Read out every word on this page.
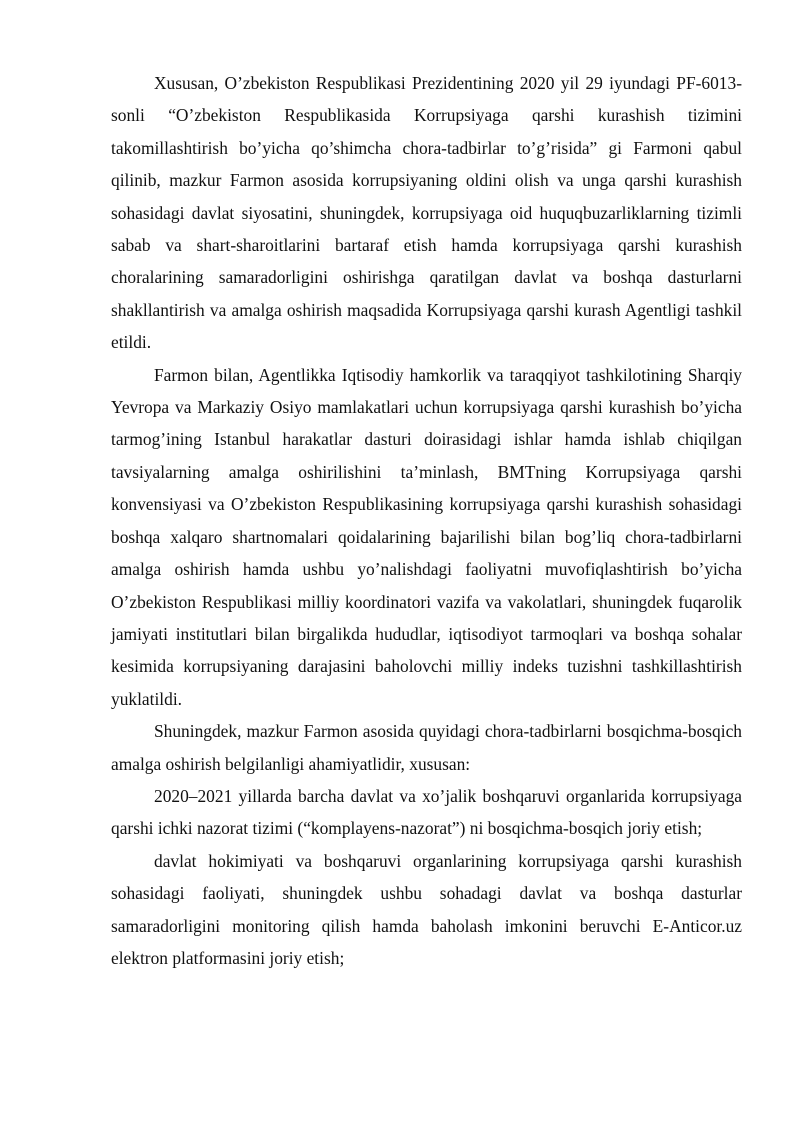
Xususan, O’zbekiston Respublikasi Prezidentining 2020 yil 29 iyundagi PF-6013-sonli “O’zbekiston Respublikasida Korrupsiyaga qarshi kurashish tizimini takomillashtirish bo’yicha qo’shimcha chora-tadbirlar to’g’risida” gi Farmoni qabul qilinib, mazkur Farmon asosida korrupsiyaning oldini olish va unga qarshi kurashish sohasidagi davlat siyosatini, shuningdek, korrupsiyaga oid huquqbuzarliklarning tizimli sabab va shart-sharoitlarini bartaraf etish hamda korrupsiyaga qarshi kurashish choralarining samaradorligini oshirishga qaratilgan davlat va boshqa dasturlarni shakllantirish va amalga oshirish maqsadida Korrupsiyaga qarshi kurash Agentligi tashkil etildi.

Farmon bilan, Agentlikka Iqtisodiy hamkorlik va taraqqiyot tashkilotining Sharqiy Yevropa va Markaziy Osiyo mamlakatlari uchun korrupsiyaga qarshi kurashish bo’yicha tarmog’ining Istanbul harakatlar dasturi doirasidagi ishlar hamda ishlab chiqilgan tavsiyalarning amalga oshirilishini ta’minlash, BMTning Korrupsiyaga qarshi konvensiyasi va O’zbekiston Respublikasining korrupsiyaga qarshi kurashish sohasidagi boshqa xalqaro shartnomalari qoidalarining bajarilishi bilan bog’liq chora-tadbirlarni amalga oshirish hamda ushbu yo’nalishdagi faoliyatni muvofiqlashtirish bo’yicha O’zbekiston Respublikasi milliy koordinatori vazifa va vakolatlari, shuningdek fuqarolik jamiyati institutlari bilan birgalikda hududlar, iqtisodiyot tarmoqlari va boshqa sohalar kesimida korrupsiyaning darajasini baholovchi milliy indeks tuzishni tashkillashtirish yuklatildi.

Shuningdek, mazkur Farmon asosida quyidagi chora-tadbirlarni bosqichma-bosqich amalga oshirish belgilanligi ahamiyatlidir, xususan:

2020–2021 yillarda barcha davlat va xo’jalik boshqaruvi organlarida korrupsiyaga qarshi ichki nazorat tizimi (“komplayens-nazorat”) ni bosqichma-bosqich joriy etish;

davlat hokimiyati va boshqaruvi organlarining korrupsiyaga qarshi kurashish sohasidagi faoliyati, shuningdek ushbu sohadagi davlat va boshqa dasturlar samaradorligini monitoring qilish hamda baholash imkonini beruvchi E-Anticor.uz elektron platformasini joriy etish;
